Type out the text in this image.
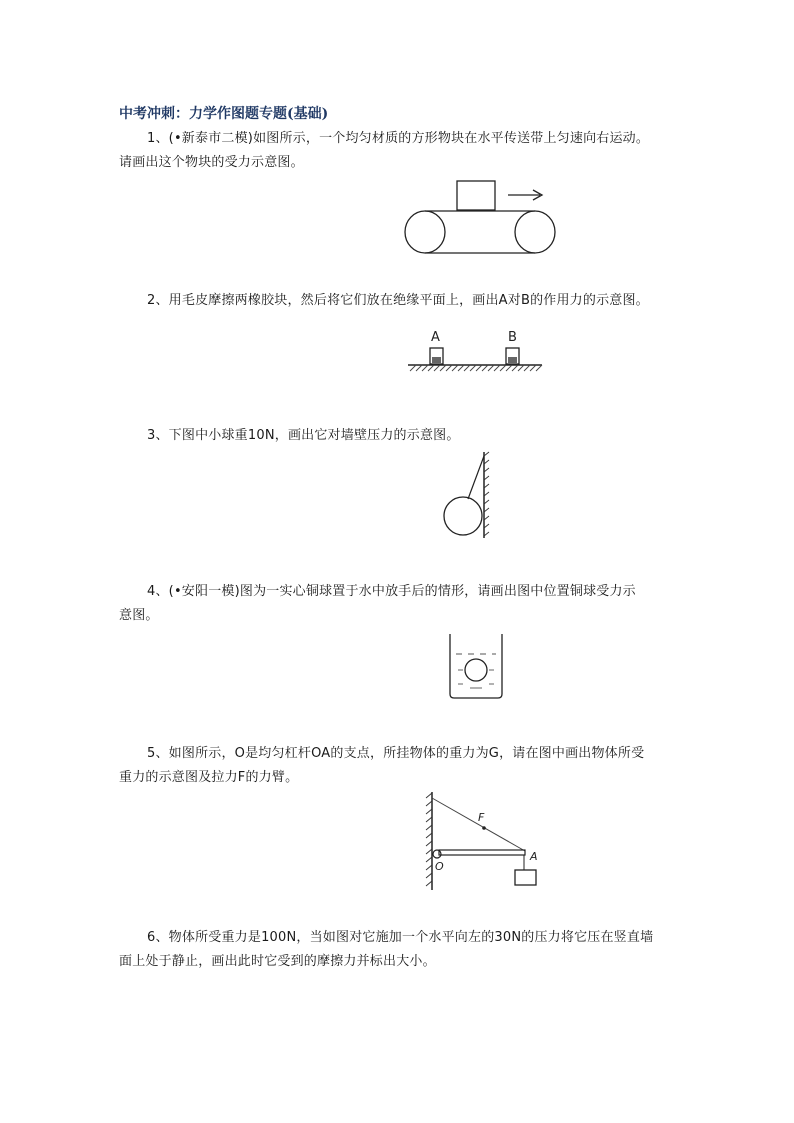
中考冲刺：力学作图题专题(基础)
1、(•新泰市二模)如图所示，一个均匀材质的方形物块在水平传送带上匀速向右运动。
请画出这个物块的受力示意图。
2、用毛皮摩擦两橡胶块，然后将它们放在绝缘平面上，画出A对B的作用力的示意图。
A	B
3、下图中小球重10N，画出它对墙壁压力的示意图。
4、(•安阳一模)图为一实心铜球置于水中放手后的情形，请画出图中位置铜球受力示
意图。
5、如图所示，O是均匀杠杆OA的支点，所挂物体的重力为G，请在图中画出物体所受
重力的示意图及拉力F的力臂。
F
O
A
6、物体所受重力是100N，当如图对它施加一个水平向左的30N的压力将它压在竖直墙
面上处于静止，画出此时它受到的摩擦力并标出大小。
